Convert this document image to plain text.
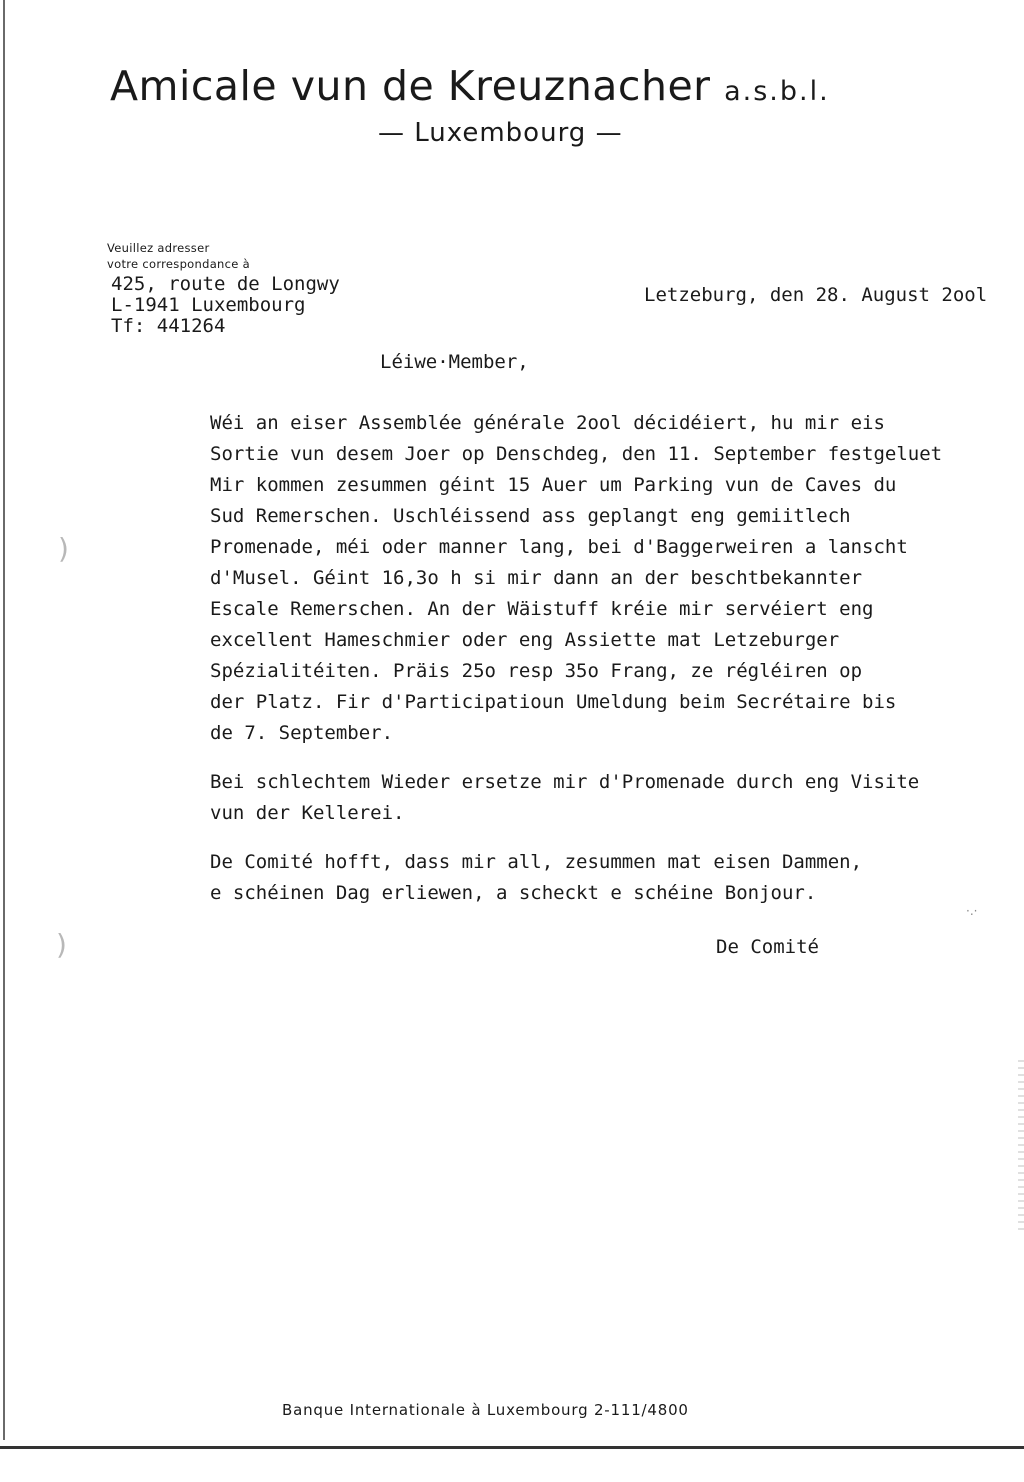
)
)
·.·
Amicale vun de Kreuznacher a.s.b.l.
— Luxembourg —
Veuillez adresser
votre correspondance à
425, route de Longwy
L-1941 Luxembourg
Tf: 441264
Letzeburg, den 28. August 2ool
Léiwe·Member,
Wéi an eiser Assemblée générale 2ool décidéiert, hu mir eis
Sortie vun desem Joer op Denschdeg, den 11. September festgeluet
Mir kommen zesummen géint 15 Auer um Parking vun de Caves du
Sud Remerschen. Uschléissend ass geplangt eng gemiitlech
Promenade, méi oder manner lang, bei d'Baggerweiren a lanscht
d'Musel. Géint 16,3o h si mir dann an der beschtbekannter
Escale Remerschen. An der Wäistuff kréie mir servéiert eng
excellent Hameschmier oder eng Assiette mat Letzeburger
Spézialitéiten. Präis 25o resp 35o Frang, ze régléiren op
der Platz. Fir d'Participatioun Umeldung beim Secrétaire bis
de 7. September.
Bei schlechtem Wieder ersetze mir d'Promenade durch eng Visite
vun der Kellerei.
De Comité hofft, dass mir all, zesummen mat eisen Dammen,
e schéinen Dag erliewen, a scheckt e schéine Bonjour.
De Comité
Banque Internationale à Luxembourg 2-111/4800
